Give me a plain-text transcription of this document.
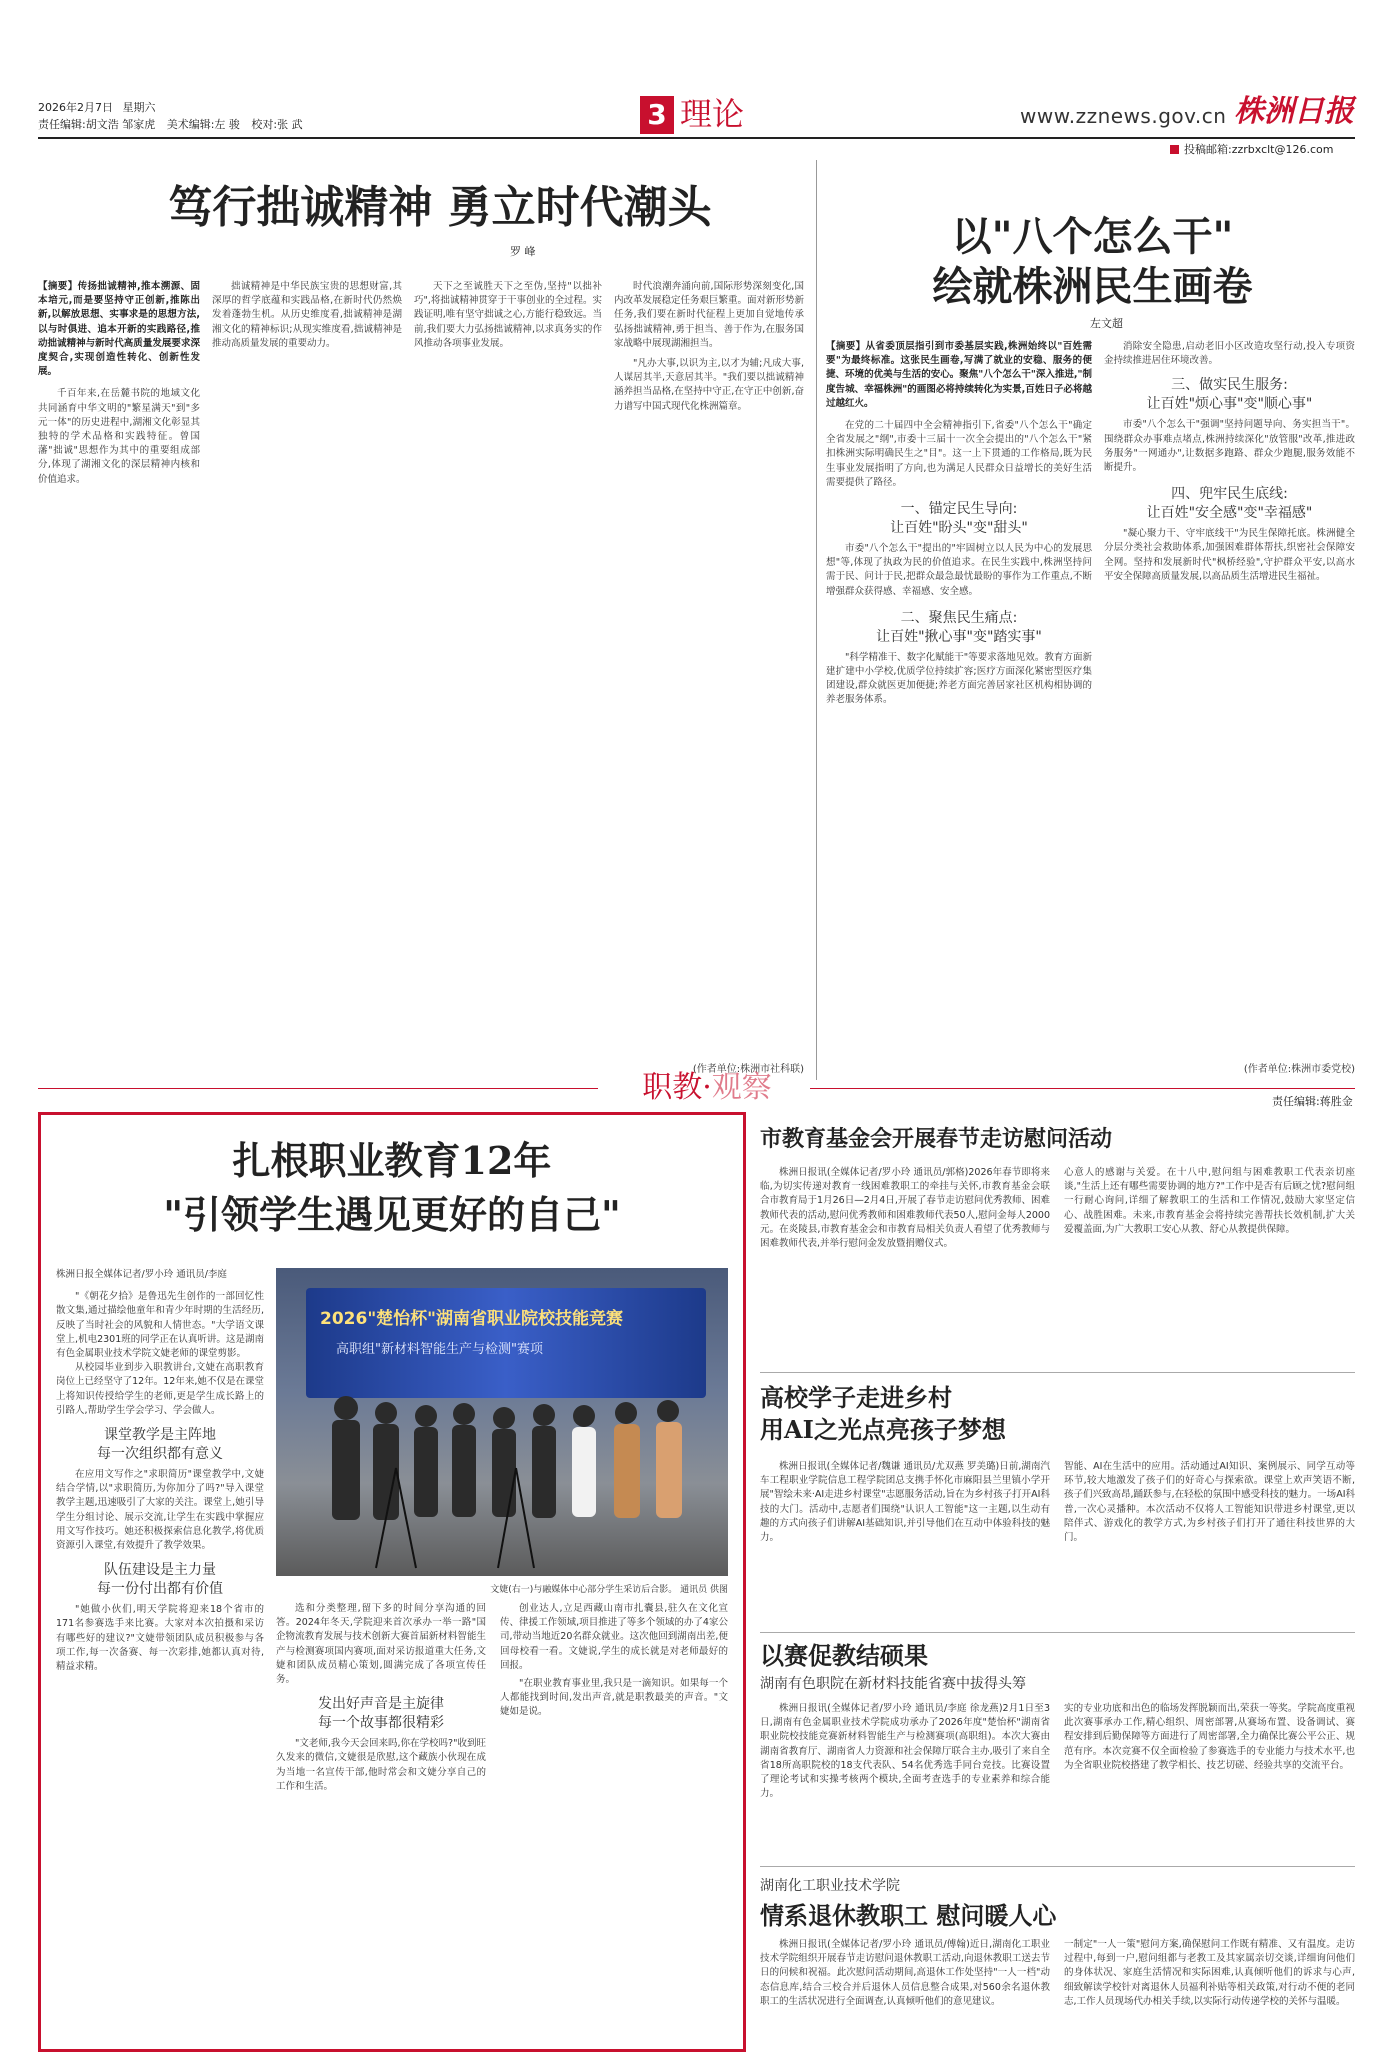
2026年2月7日 星期六
责任编辑:胡文浩 邹家虎 美术编辑:左 骏 校对:张 武	3 理论	www.zznews.gov.cn 株洲日报
投稿邮箱:zzrbxclt@126.com
笃行拙诚精神 勇立时代潮头
罗 峰

【摘要】传扬拙诚精神,推本溯源、固本培元,而是要坚持守正创新,推陈出新,以解放思想、实事求是的思想方法,以与时俱进、追本开新的实践路径,推动拙诚精神与新时代高质量发展要求深度契合,实现创造性转化、创新性发展。

千百年来,在岳麓书院的地域文化共同涵育中华文明的"繁星满天"到"多元一体"的历史进程中,湖湘文化彰显其独特的学术品格和实践特征。曾国藩"拙诚"思想作为其中的重要组成部分,体现了湖湘文化的深层精神内核和价值追求。

拙诚精神是中华民族宝贵的思想财富,其深厚的哲学底蕴和实践品格,在新时代仍然焕发着蓬勃生机。从历史维度看,拙诚精神是湖湘文化的精神标识;从现实维度看,拙诚精神是推动高质量发展的重要动力。

天下之至诚胜天下之至伪,坚持"以拙补巧",将拙诚精神贯穿于干事创业的全过程。实践证明,唯有坚守拙诚之心,方能行稳致远。当前,我们要大力弘扬拙诚精神,以求真务实的作风推动各项事业发展。

时代浪潮奔涌向前,国际形势深刻变化,国内改革发展稳定任务艰巨繁重。面对新形势新任务,我们要在新时代征程上更加自觉地传承弘扬拙诚精神,勇于担当、善于作为,在服务国家战略中展现湖湘担当。

"凡办大事,以识为主,以才为辅;凡成大事,人谋居其半,天意居其半。"我们要以拙诚精神涵养担当品格,在坚持中守正,在守正中创新,奋力谱写中国式现代化株洲篇章。

(作者单位:株洲市社科联)
以"八个怎么干"
绘就株洲民生画卷
左文超

【摘要】从省委顶层指引到市委基层实践,株洲始终以"百姓需要"为最终标准。这张民生画卷,写满了就业的安稳、服务的便捷、环境的优美与生活的安心。聚焦"八个怎么干"深入推进,"制度告城、幸福株洲"的画图必将持续转化为实景,百姓日子必将越过越红火。

在党的二十届四中全会精神指引下,省委"八个怎么干"确定全省发展之"纲",市委十三届十一次全会提出的"八个怎么干"紧扣株洲实际明确民生之"目"。这一上下贯通的工作格局,既为民生事业发展指明了方向,也为满足人民群众日益增长的美好生活需要提供了路径。

一、锚定民生导向:

让百姓"盼头"变"甜头"

市委"八个怎么干"提出的"牢固树立以人民为中心的发展思想"等,体现了执政为民的价值追求。在民生实践中,株洲坚持问需于民、问计于民,把群众最急最忧最盼的事作为工作重点,不断增强群众获得感、幸福感、安全感。

二、聚焦民生痛点:

让百姓"揪心事"变"踏实事"

"科学精准干、数字化赋能干"等要求落地见效。教育方面新建扩建中小学校,优质学位持续扩容;医疗方面深化紧密型医疗集团建设,群众就医更加便捷;养老方面完善居家社区机构相协调的养老服务体系。

消除安全隐患,启动老旧小区改造攻坚行动,投入专项资金持续推进居住环境改善。

三、做实民生服务:

让百姓"烦心事"变"顺心事"

市委"八个怎么干"强调"坚持问题导向、务实担当干"。围绕群众办事难点堵点,株洲持续深化"放管服"改革,推进政务服务"一网通办",让数据多跑路、群众少跑腿,服务效能不断提升。

四、兜牢民生底线:

让百姓"安全感"变"幸福感"

"凝心聚力干、守牢底线干"为民生保障托底。株洲健全分层分类社会救助体系,加强困难群体帮扶,织密社会保障安全网。坚持和发展新时代"枫桥经验",守护群众平安,以高水平安全保障高质量发展,以高品质生活增进民生福祉。

(作者单位:株洲市委党校)
职教·观察	责任编辑:蒋胜金
扎根职业教育12年
"引领学生遇见更好的自己"

株洲日报全媒体记者/罗小玲 通讯员/李庭

"《朝花夕拾》是鲁迅先生创作的一部回忆性散文集,通过描绘他童年和青少年时期的生活经历,反映了当时社会的风貌和人情世态。"大学语文课堂上,机电2301班的同学正在认真听讲。这是湖南有色金属职业技术学院文婕老师的课堂剪影。

从校园毕业到步入职教讲台,文婕在高职教育岗位上已经坚守了12年。12年来,她不仅是在课堂上将知识传授给学生的老师,更是学生成长路上的引路人,帮助学生学会学习、学会做人。

课堂教学是主阵地

每一次组织都有意义

在应用文写作之"求职简历"课堂教学中,文婕结合学情,以"求职简历,为你加分了吗?"导入课堂教学主题,迅速吸引了大家的关注。课堂上,她引导学生分组讨论、展示交流,让学生在实践中掌握应用文写作技巧。她还积极探索信息化教学,将优质资源引入课堂,有效提升了教学效果。

队伍建设是主力量

每一份付出都有价值

"她做小伙们,明天学院将迎来18个省市的171名参赛选手来比赛。大家对本次拍摄和采访有哪些好的建议?"文婕带领团队成员积极参与各项工作,每一次备赛、每一次彩排,她都认真对待,精益求精。

2026"楚怡杯"湖南省职业院校技能竞赛
高职组"新材料智能生产与检测"赛项
文婕(右一)与融媒体中心部分学生采访后合影。 通讯员 供图

选和分类整理,留下多的时间分享沟通的回答。2024年冬天,学院迎来首次承办一举一路"国企物流教育发展与技术创新大赛首届新材料智能生产与检测赛项国内赛项,面对采访报道重大任务,文婕和团队成员精心策划,圆满完成了各项宣传任务。

发出好声音是主旋律

每一个故事都很精彩

"文老师,我今天会回来吗,你在学校吗?"收到旺久发来的微信,文婕很是欣慰,这个藏族小伙现在成为当地一名宣传干部,他时常会和文婕分享自己的工作和生活。

创业达人,立足西藏山南市扎囊县,驻久在文化宣传、律援工作领域,项目推进了等多个领域的办了4家公司,带动当地近20名群众就业。这次他回到湖南出差,便回母校看一看。文婕说,学生的成长就是对老师最好的回报。

"在职业教育事业里,我只是一滴知识。如果每一个人都能找到时间,发出声音,就是职教最美的声音。"文婕如是说。

市教育基金会开展春节走访慰问活动

株洲日报讯(全媒体记者/罗小玲 通讯员/郭格)2026年春节即将来临,为切实传递对教育一线困难教职工的牵挂与关怀,市教育基金会联合市教育局于1月26日—2月4日,开展了春节走访慰问优秀教师、困难教师代表的活动,慰问优秀教师和困难教师代表50人,慰问金每人2000元。在炎陵县,市教育基金会和市教育局相关负责人看望了优秀教师与困难教师代表,并举行慰问金发放暨捐赠仪式。

心意人的感谢与关爱。在十八中,慰问组与困难教职工代表亲切座谈,"生活上还有哪些需要协调的地方?"工作中是否有后顾之忧?慰问组一行耐心询问,详细了解教职工的生活和工作情况,鼓励大家坚定信心、战胜困难。未来,市教育基金会将持续完善帮扶长效机制,扩大关爱覆盖面,为广大教职工安心从教、舒心从教提供保障。

高校学子走进乡村
用AI之光点亮孩子梦想

株洲日报讯(全媒体记者/魏谦 通讯员/尤双燕 罗美璐)日前,湖南汽车工程职业学院信息工程学院团总支携手怀化市麻阳县兰里镇小学开展"智绘未来·AI走进乡村课堂"志愿服务活动,旨在为乡村孩子打开AI科技的大门。活动中,志愿者们围绕"认识人工智能"这一主题,以生动有趣的方式向孩子们讲解AI基础知识,并引导他们在互动中体验科技的魅力。

智能、AI在生活中的应用。活动通过AI知识、案例展示、同学互动等环节,较大地激发了孩子们的好奇心与探索欲。课堂上欢声笑语不断,孩子们兴致高昂,踊跃参与,在轻松的氛围中感受科技的魅力。一场AI科普,一次心灵播种。本次活动不仅将人工智能知识带进乡村课堂,更以陪伴式、游戏化的教学方式,为乡村孩子们打开了通往科技世界的大门。

以赛促教结硕果
湖南有色职院在新材料技能省赛中拔得头筹

株洲日报讯(全媒体记者/罗小玲 通讯员/李庭 徐龙燕)2月1日至3日,湖南有色金属职业技术学院成功承办了2026年度"楚怡杯"湖南省职业院校技能竞赛新材料智能生产与检测赛项(高职组)。本次大赛由湖南省教育厅、湖南省人力资源和社会保障厅联合主办,吸引了来自全省18所高职院校的18支代表队、54名优秀选手同台竞技。比赛设置了理论考试和实操考核两个模块,全面考查选手的专业素养和综合能力。

实的专业功底和出色的临场发挥脱颖而出,荣获一等奖。学院高度重视此次赛事承办工作,精心组织、周密部署,从赛场布置、设备调试、赛程安排到后勤保障等方面进行了周密部署,全力确保比赛公平公正、规范有序。本次竞赛不仅全面检验了参赛选手的专业能力与技术水平,也为全省职业院校搭建了教学相长、技艺切磋、经验共享的交流平台。

湖南化工职业技术学院
情系退休教职工 慰问暖人心

株洲日报讯(全媒体记者/罗小玲 通讯员/傅翰)近日,湖南化工职业技术学院组织开展春节走访慰问退休教职工活动,向退休教职工送去节日的问候和祝福。此次慰问活动期间,高退休工作处坚持"一人一档"动态信息库,结合三校合并后退休人员信息整合成果,对560余名退休教职工的生活状况进行全面调查,认真倾听他们的意见建议。

一制定"一人一策"慰问方案,确保慰问工作既有精准、又有温度。走访过程中,每到一户,慰问组都与老教工及其家属亲切交谈,详细询问他们的身体状况、家庭生活情况和实际困难,认真倾听他们的诉求与心声,细致解读学校针对离退休人员福利补贴等相关政策,对行动不便的老同志,工作人员现场代办相关手续,以实际行动传递学校的关怀与温暖。
